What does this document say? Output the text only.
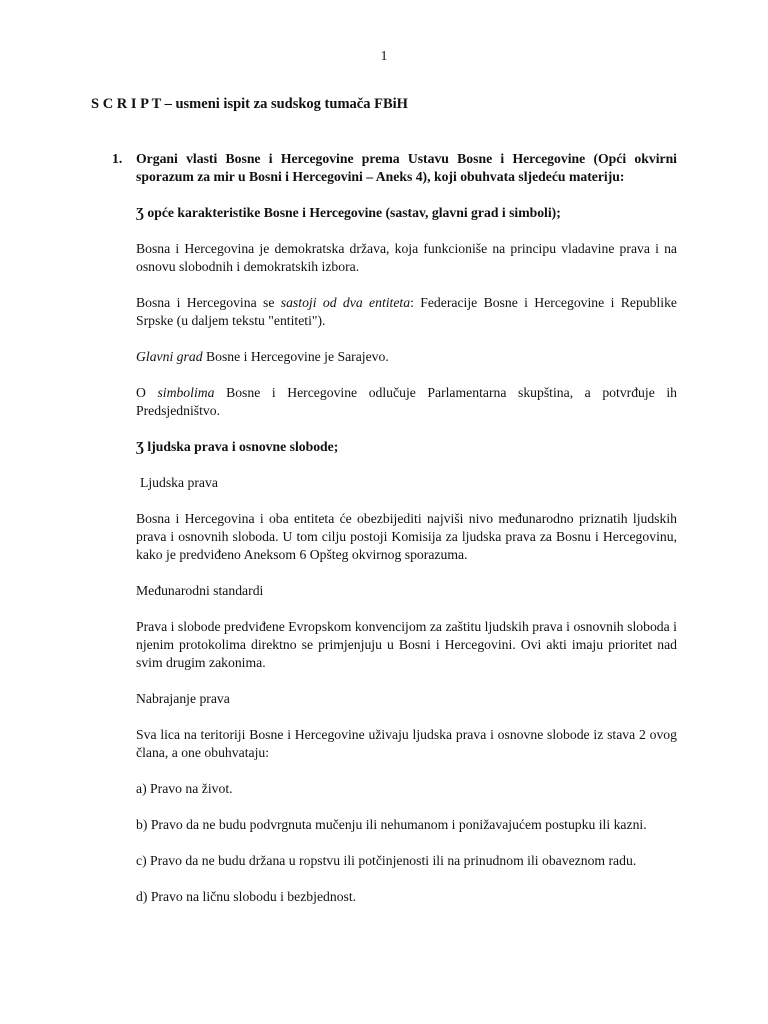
1
S C R I P T – usmeni ispit za sudskog tumača FBiH
1. Organi vlasti Bosne i Hercegovine prema Ustavu Bosne i Hercegovine (Opći okvirni sporazum za mir u Bosni i Hercegovini – Aneks 4), koji obuhvata sljedeću materiju:

Ʒ opće karakteristike Bosne i Hercegovine (sastav, glavni grad i simboli);

Bosna i Hercegovina je demokratska država, koja funkcioniše na principu vladavine prava i na osnovu slobodnih i demokratskih izbora.

Bosna i Hercegovina se sastoji od dva entiteta: Federacije Bosne i Hercegovine i Republike Srpske (u daljem tekstu "entiteti").

Glavni grad Bosne i Hercegovine je Sarajevo.

O simbolima Bosne i Hercegovine odlučuje Parlamentarna skupština, a potvrđuje ih Predsjedništvo.

Ʒ ljudska prava i osnovne slobode;

Ljudska prava

Bosna i Hercegovina i oba entiteta će obezbijediti najviši nivo međunarodno priznatih ljudskih prava i osnovnih sloboda. U tom cilju postoji Komisija za ljudska prava za Bosnu i Hercegovinu, kako je predviđeno Aneksom 6 Opšteg okvirnog sporazuma.

Međunarodni standardi

Prava i slobode predviđene Evropskom konvencijom za zaštitu ljudskih prava i osnovnih sloboda i njenim protokolima direktno se primjenjuju u Bosni i Hercegovini. Ovi akti imaju prioritet nad svim drugim zakonima.

Nabrajanje prava

Sva lica na teritoriji Bosne i Hercegovine uživaju ljudska prava i osnovne slobode iz stava 2 ovog člana, a one obuhvataju:

a) Pravo na život.

b) Pravo da ne budu podvrgnuta mučenju ili nehumanom i ponižavajućem postupku ili kazni.

c) Pravo da ne budu držana u ropstvu ili potčinjenosti ili na prinudnom ili obaveznom radu.

d) Pravo na ličnu slobodu i bezbjednost.
